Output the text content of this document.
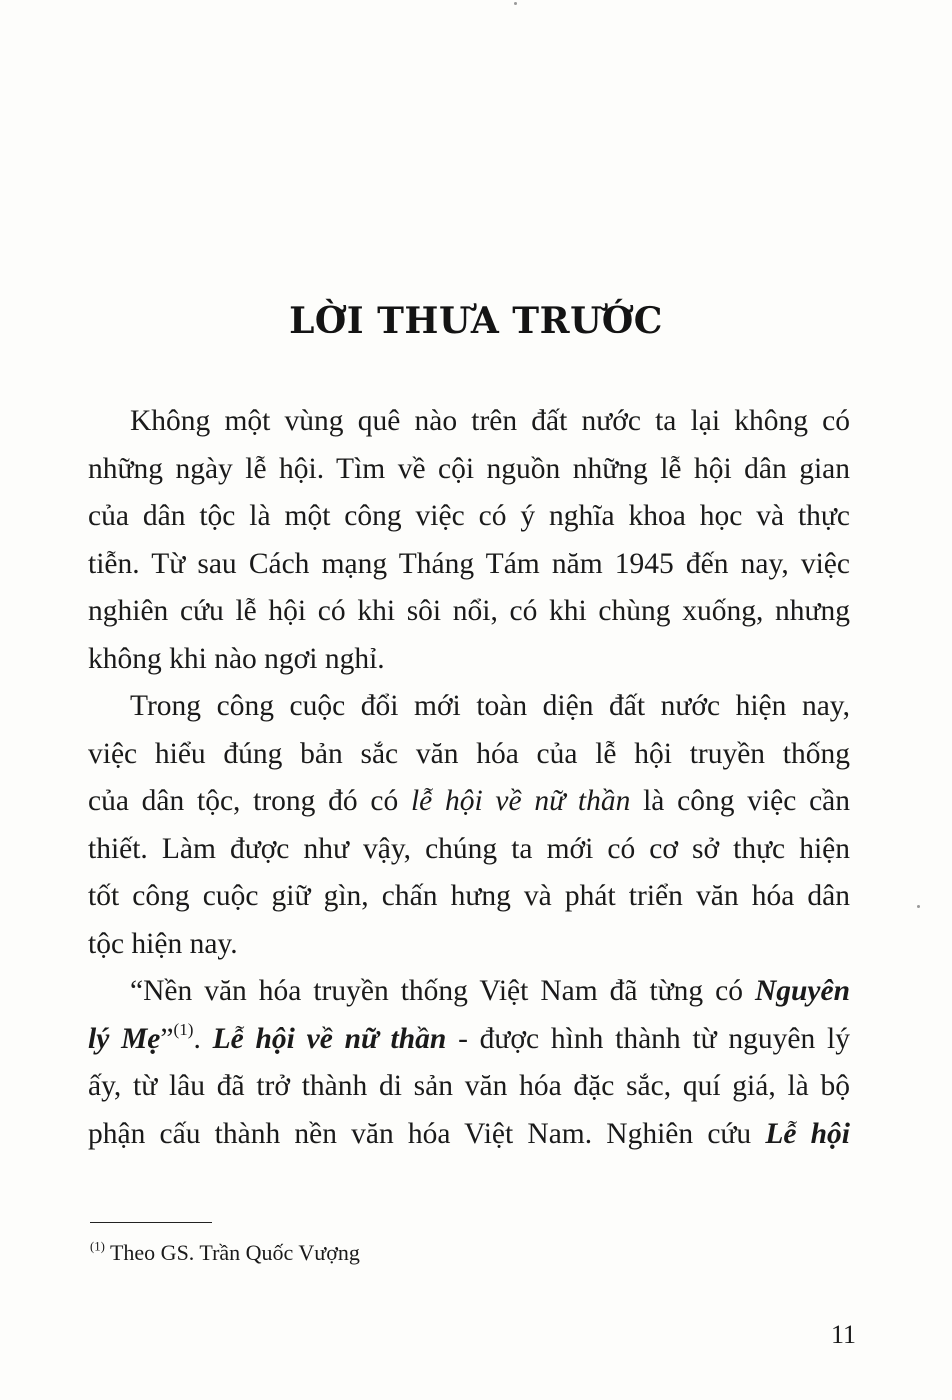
LỜI THƯA TRƯỚC
Không một vùng quê nào trên đất nước ta lại không có
những ngày lễ hội. Tìm về cội nguồn những lễ hội dân gian
của dân tộc là một công việc có ý nghĩa khoa học và thực
tiễn. Từ sau Cách mạng Tháng Tám năm 1945 đến nay, việc
nghiên cứu lễ hội có khi sôi nổi, có khi chùng xuống, nhưng
không khi nào ngơi nghỉ.
Trong công cuộc đổi mới toàn diện đất nước hiện nay,
việc hiểu đúng bản sắc văn hóa của lễ hội truyền thống
của dân tộc, trong đó có lễ hội về nữ thần là công việc cần
thiết. Làm được như vậy, chúng ta mới có cơ sở thực hiện
tốt công cuộc giữ gìn, chấn hưng và phát triển văn hóa dân
tộc hiện nay.
“Nền văn hóa truyền thống Việt Nam đã từng có Nguyên
lý Mẹ”$^{(1)}$. Lễ hội về nữ thần - được hình thành từ nguyên lý
ấy, từ lâu đã trở thành di sản văn hóa đặc sắc, quí giá, là bộ
phận cấu thành nền văn hóa Việt Nam. Nghiên cứu Lễ hội
$^{(1)}$ Theo GS. Trần Quốc Vượng
11
